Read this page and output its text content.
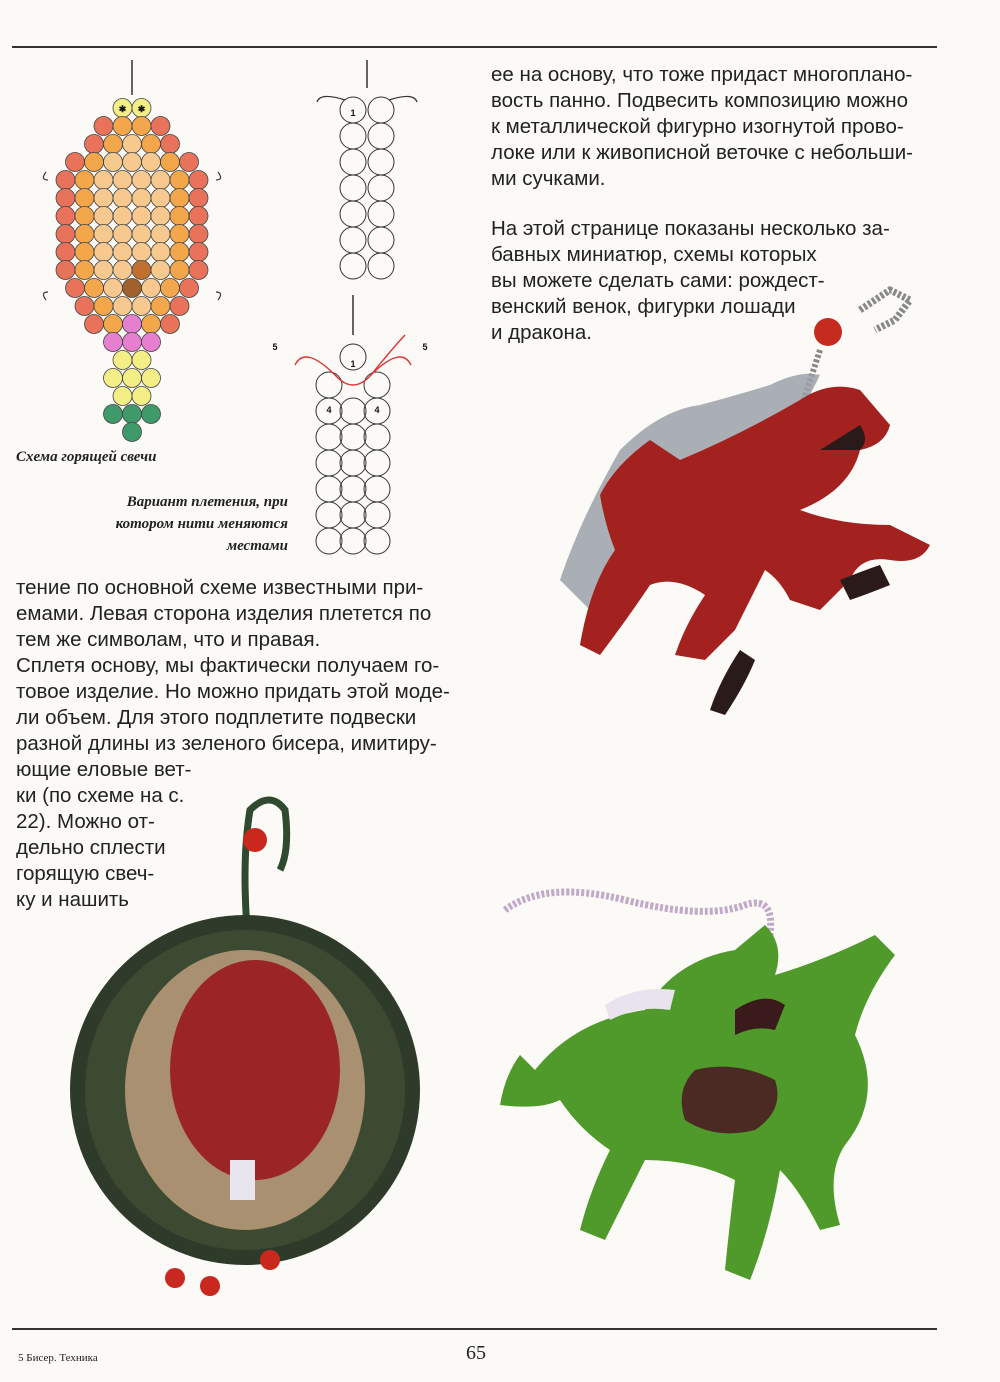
✱ ✱	1
5	5
1
4	4
Схема горящей свечи
Вариант плетения, при
котором нити меняются
местами
ее на основу, что тоже придаст многоплано-
вость панно. Подвесить композицию можно
к металлической фигурно изогнутой прово-
локе или к живописной веточке с небольши-
ми сучками.
На этой странице показаны несколько за-
бавных миниатюр, схемы которых
вы можете сделать сами: рождест-
венский венок, фигурки лошади
и дракона.
тение по основной схеме известными при-
емами. Левая сторона изделия плетется по
тем же символам, что и правая.
Сплетя основу, мы фактически получаем го-
товое изделие. Но можно придать этой моде-
ли объем. Для этого подплетите подвески
разной длины из зеленого бисера, имитиру-
ющие еловые вет-
ки (по схеме на с.
22). Можно от-
дельно сплести
горящую свеч-
ку и нашить
5 Бисер. Техника	65
